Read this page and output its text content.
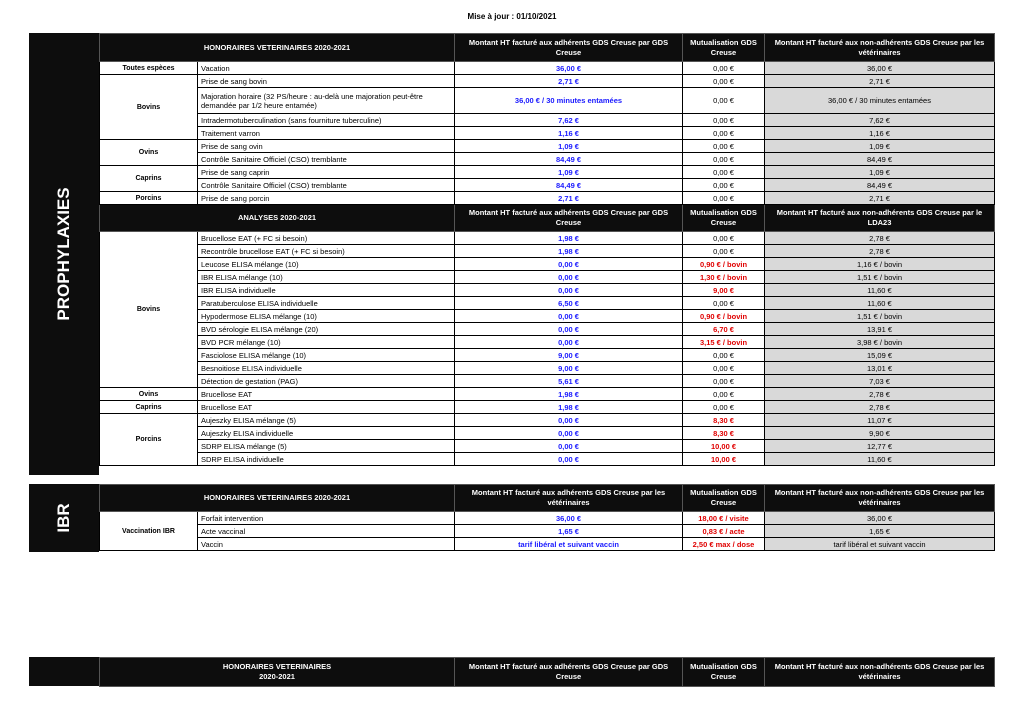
Mise à jour : 01/10/2021
PROPHYLAXIES
HONORAIRES VETERINAIRES 2020-2021		Montant HT facturé aux adhérents GDS Creuse par GDS Creuse	Mutualisation GDS Creuse	Montant HT facturé aux non-adhérents GDS Creuse par les vétérinaires
Toutes espèces	Vacation	36,00 €	0,00 €	36,00 €
Bovins	Prise de sang bovin	2,71 €	0,00 €	2,71 €
	Majoration horaire (32 PS/heure : au-delà une majoration peut-être demandée par 1/2 heure entamée)	36,00 € / 30 minutes entamées	0,00 €	36,00 € / 30 minutes entamées
	Intradermotuberculination (sans fourniture tuberculine)	7,62 €	0,00 €	7,62 €
	Traitement varron	1,16 €	0,00 €	1,16 €
Ovins	Prise de sang ovin	1,09 €	0,00 €	1,09 €
	Contrôle Sanitaire Officiel (CSO) tremblante	84,49 €	0,00 €	84,49 €
Caprins	Prise de sang caprin	1,09 €	0,00 €	1,09 €
	Contrôle Sanitaire Officiel (CSO) tremblante	84,49 €	0,00 €	84,49 €
Porcins	Prise de sang porcin	2,71 €	0,00 €	2,71 €
ANALYSES 2020-2021		Montant HT facturé aux adhérents GDS Creuse par GDS Creuse	Mutualisation GDS Creuse	Montant HT facturé aux non-adhérents GDS Creuse par le LDA23
Bovins	Brucellose EAT (+ FC si besoin)	1,98 €	0,00 €	2,78 €
	Recontrôle brucellose EAT (+ FC si besoin)	1,98 €	0,00 €	2,78 €
	Leucose ELISA mélange (10)	0,00 €	0,90 € / bovin	1,16 € / bovin
	IBR ELISA mélange (10)	0,00 €	1,30 € / bovin	1,51 € / bovin
	IBR ELISA individuelle	0,00 €	9,00 €	11,60 €
	Paratuberculose ELISA individuelle	6,50 €	0,00 €	11,60 €
	Hypodermose ELISA mélange (10)	0,00 €	0,90 € / bovin	1,51 € / bovin
	BVD sérologie ELISA mélange (20)	0,00 €	6,70 €	13,91 €
	BVD PCR mélange (10)	0,00 €	3,15 € / bovin	3,98 € / bovin
	Fasciolose ELISA mélange (10)	9,00 €	0,00 €	15,09 €
	Besnoitiose ELISA individuelle	9,00 €	0,00 €	13,01 €
	Détection de gestation (PAG)	5,61 €	0,00 €	7,03 €
Ovins	Brucellose EAT	1,98 €	0,00 €	2,78 €
Caprins	Brucellose EAT	1,98 €	0,00 €	2,78 €
Porcins	Aujeszky ELISA mélange (5)	0,00 €	8,30 €	11,07 €
	Aujeszky ELISA individuelle	0,00 €	8,30 €	9,90 €
	SDRP ELISA mélange (5)	0,00 €	10,00 €	12,77 €
	SDRP ELISA individuelle	0,00 €	10,00 €	11,60 €
IBR
HONORAIRES VETERINAIRES 2020-2021		Montant HT facturé aux adhérents GDS Creuse par les vétérinaires	Mutualisation GDS Creuse	Montant HT facturé aux non-adhérents GDS Creuse par les vétérinaires
Vaccination IBR	Forfait intervention	36,00 €	18,00 € / visite	36,00 €
	Acte vaccinal	1,65 €	0,83 € / acte	1,65 €
	Vaccin	tarif libéral et suivant vaccin	2,50 € max / dose	tarif libéral et suivant vaccin
HONORAIRES VETERINAIRES
2020-2021
	Montant HT facturé aux adhérents GDS Creuse par GDS Creuse	Mutualisation GDS Creuse	Montant HT facturé aux non-adhérents GDS Creuse par les vétérinaires
